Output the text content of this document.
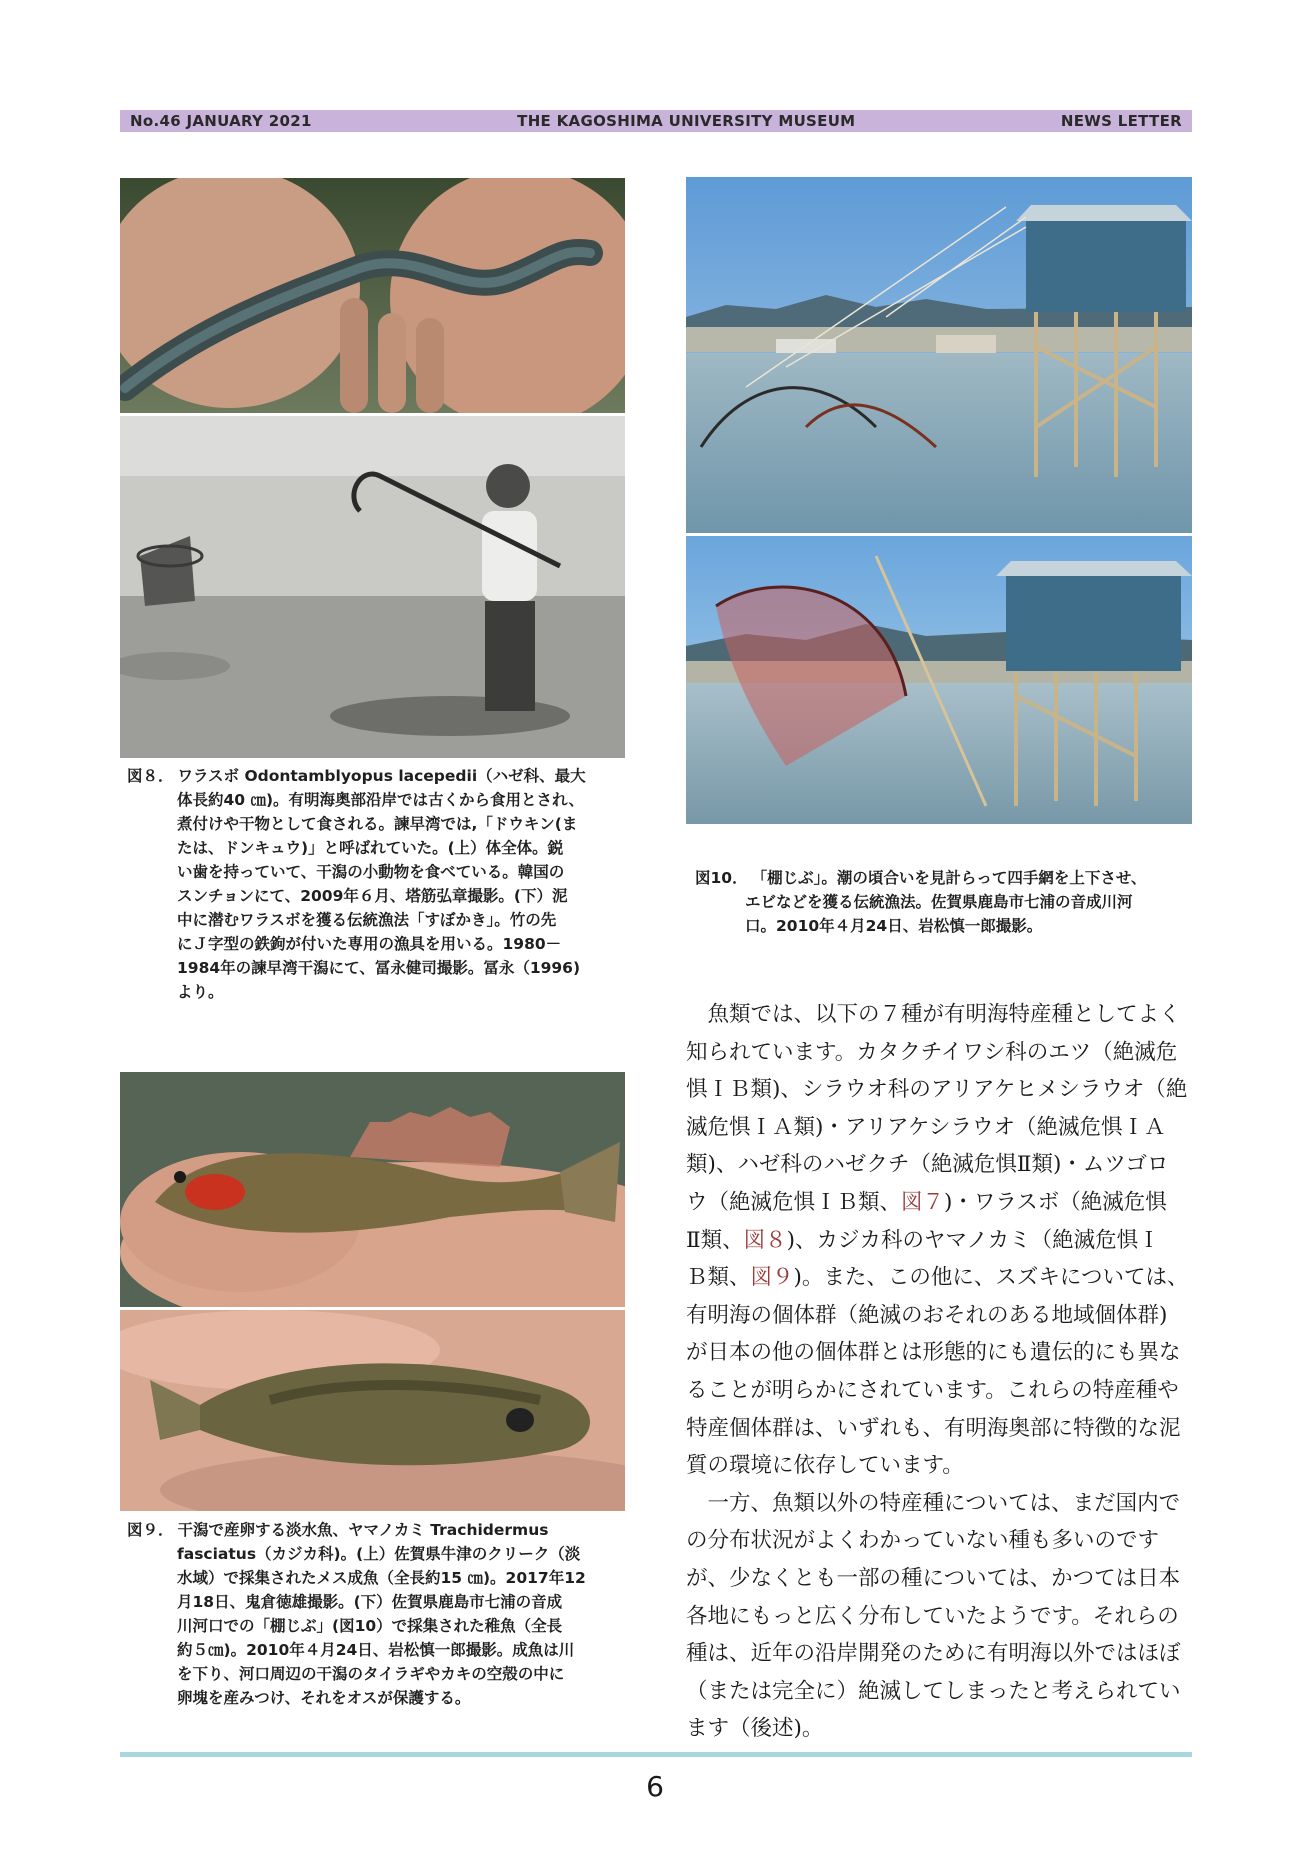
No.46 JANUARY 2021	THE KAGOSHIMA UNIVERSITY MUSEUM	NEWS LETTER
図８． ワラスボ Odontamblyopus lacepedii（ハゼ科、最大
体長約40 ㎝)。有明海奥部沿岸では古くから食用とされ、
煮付けや干物として食される。諫早湾では,「ドウキン(ま
たは、ドンキュウ)」と呼ばれていた。(上）体全体。鋭
い歯を持っていて、干潟の小動物を食べている。韓国の
スンチョンにて、2009年６月、塔筋弘章撮影。(下）泥
中に潜むワラスボを獲る伝統漁法「すぼかき」。竹の先
にＪ字型の鉄鉤が付いた専用の漁具を用いる。1980－
1984年の諫早湾干潟にて、冨永健司撮影。冨永（1996)
より。
図10． 「棚じぶ」。潮の頃合いを見計らって四手網を上下させ、
エビなどを獲る伝統漁法。佐賀県鹿島市七浦の音成川河
口。2010年４月24日、岩松慎一郎撮影。
図９． 干潟で産卵する淡水魚、ヤマノカミ Trachidermus
fasciatus（カジカ科)。(上）佐賀県牛津のクリーク（淡
水域）で採集されたメス成魚（全長約15 ㎝)。2017年12
月18日、鬼倉徳雄撮影。(下）佐賀県鹿島市七浦の音成
川河口での「棚じぶ」(図10）で採集された稚魚（全長
約５㎝)。2010年４月24日、岩松慎一郎撮影。成魚は川
を下り、河口周辺の干潟のタイラギやカキの空殻の中に
卵塊を産みつけ、それをオスが保護する。
　魚類では、以下の７種が有明海特産種としてよく
知られています。カタクチイワシ科のエツ（絶滅危
惧ＩＢ類)、シラウオ科のアリアケヒメシラウオ（絶
滅危惧ＩＡ類)・アリアケシラウオ（絶滅危惧ＩＡ
類)、ハゼ科のハゼクチ（絶滅危惧Ⅱ類)・ムツゴロ
ウ（絶滅危惧ＩＢ類、図７)・ワラスボ（絶滅危惧
Ⅱ類、図８)、カジカ科のヤマノカミ（絶滅危惧Ｉ
Ｂ類、図９)。また、この他に、スズキについては、
有明海の個体群（絶滅のおそれのある地域個体群)
が日本の他の個体群とは形態的にも遺伝的にも異な
ることが明らかにされています。これらの特産種や
特産個体群は、いずれも、有明海奥部に特徴的な泥
質の環境に依存しています。
　一方、魚類以外の特産種については、まだ国内で
の分布状況がよくわかっていない種も多いのです
が、少なくとも一部の種については、かつては日本
各地にもっと広く分布していたようです。それらの
種は、近年の沿岸開発のために有明海以外ではほぼ
（または完全に）絶滅してしまったと考えられてい
ます（後述)。
6
